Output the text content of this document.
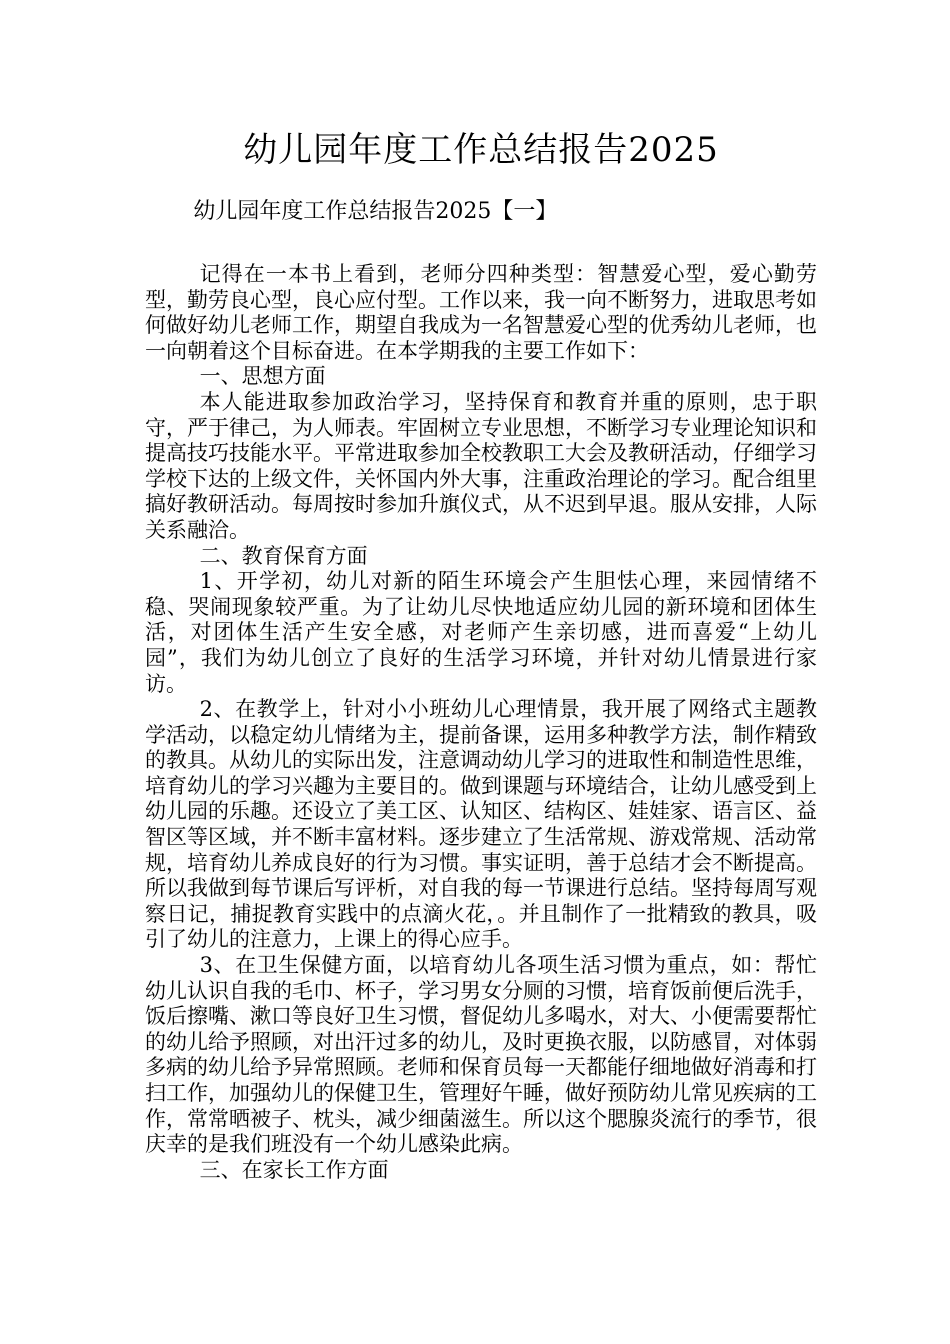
幼儿园年度工作总结报告2025

幼儿园年度工作总结报告2025【一】

记得在一本书上看到，老师分四种类型：智慧爱心型，爱心勤劳型，勤劳良心型，良心应付型。工作以来，我一向不断努力，进取思考如何做好幼儿老师工作，期望自我成为一名智慧爱心型的优秀幼儿老师，也一向朝着这个目标奋进。在本学期我的主要工作如下：

一、思想方面

本人能进取参加政治学习，坚持保育和教育并重的原则，忠于职守，严于律己，为人师表。牢固树立专业思想，不断学习专业理论知识和提高技巧技能水平。平常进取参加全校教职工大会及教研活动，仔细学习学校下达的上级文件，关怀国内外大事，注重政治理论的学习。配合组里搞好教研活动。每周按时参加升旗仪式，从不迟到早退。服从安排，人际关系融洽。

二、教育保育方面

1、开学初，幼儿对新的陌生环境会产生胆怯心理，来园情绪不稳、哭闹现象较严重。为了让幼儿尽快地适应幼儿园的新环境和团体生活，对团体生活产生安全感，对老师产生亲切感，进而喜爱“上幼儿园”，我们为幼儿创立了良好的生活学习环境，并针对幼儿情景进行家访。

2、在教学上，针对小小班幼儿心理情景，我开展了网络式主题教学活动，以稳定幼儿情绪为主，提前备课，运用多种教学方法，制作精致的教具。从幼儿的实际出发，注意调动幼儿学习的进取性和制造性思维，培育幼儿的学习兴趣为主要目的。做到课题与环境结合，让幼儿感受到上幼儿园的乐趣。还设立了美工区、认知区、结构区、娃娃家、语言区、益智区等区域，并不断丰富材料。逐步建立了生活常规、游戏常规、活动常规，培育幼儿养成良好的行为习惯。事实证明，善于总结才会不断提高。所以我做到每节课后写评析，对自我的每一节课进行总结。坚持每周写观察日记，捕捉教育实践中的点滴火花，。并且制作了一批精致的教具，吸引了幼儿的注意力，上课上的得心应手。

3、在卫生保健方面，以培育幼儿各项生活习惯为重点，如：帮忙幼儿认识自我的毛巾、杯子，学习男女分厕的习惯，培育饭前便后洗手，饭后擦嘴、漱口等良好卫生习惯，督促幼儿多喝水，对大、小便需要帮忙的幼儿给予照顾，对出汗过多的幼儿，及时更换衣服，以防感冒，对体弱多病的幼儿给予异常照顾。老师和保育员每一天都能仔细地做好消毒和打扫工作，加强幼儿的保健卫生，管理好午睡，做好预防幼儿常见疾病的工作，常常晒被子、枕头，减少细菌滋生。所以这个腮腺炎流行的季节，很庆幸的是我们班没有一个幼儿感染此病。

三、在家长工作方面
